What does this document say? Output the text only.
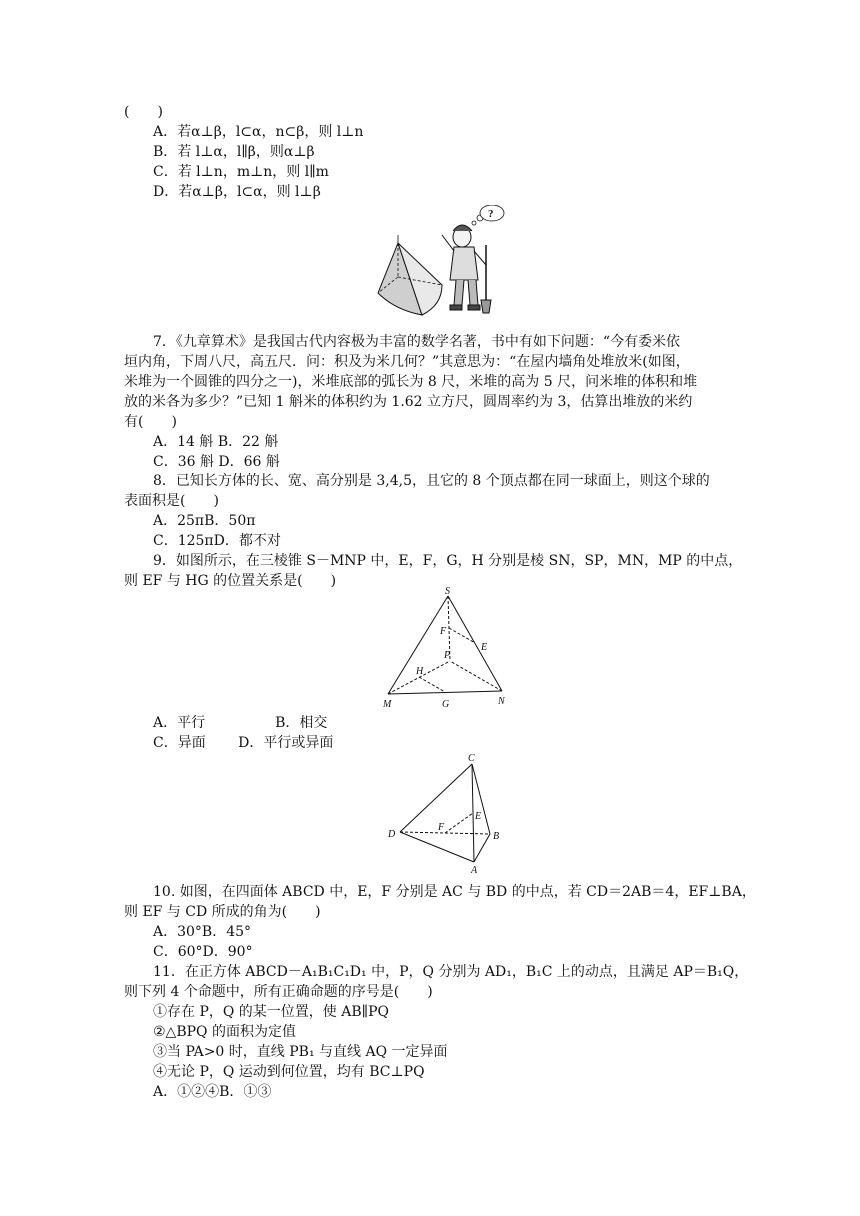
(　　)
A．若α⊥β，l⊂α，n⊂β，则 l⊥n
B．若 l⊥α，l∥β，则α⊥β
C．若 l⊥n，m⊥n，则 l∥m
D．若α⊥β，l⊂α，则 l⊥β
?
7．《九章算术》是我国古代内容极为丰富的数学名著，书中有如下问题：“今有委米依
垣内角，下周八尺，高五尺．问：积及为米几何？”其意思为：“在屋内墙角处堆放米(如图，
米堆为一个圆锥的四分之一)，米堆底部的弧长为 8 尺，米堆的高为 5 尺，问米堆的体积和堆
放的米各为多少？”已知 1 斛米的体积约为 1.62 立方尺，圆周率约为 3，估算出堆放的米约
有(　　)
A．14 斛 B．22 斛
C．36 斛 D．66 斛
8．已知长方体的长、宽、高分别是 3,4,5，且它的 8 个顶点都在同一球面上，则这个球的
表面积是(　　)
A．25πB．50π
C．125πD．都不对
9．如图所示，在三棱锥 S－MNP 中，E，F，G，H 分别是棱 SN，SP，MN，MP 的中点，
则 EF 与 HG 的位置关系是(　　)
S
F
E
P
H
M	G	N
A．平行　　　　　B．相交
C．异面　　 D．平行或异面
C
E
F
D	B
A
10. 如图，在四面体 ABCD 中，E，F 分别是 AC 与 BD 的中点，若 CD＝2AB＝4，EF⊥BA，
则 EF 与 CD 所成的角为(　　)
A．30°B．45°
C．60°D．90°
11．在正方体 ABCD－A₁B₁C₁D₁ 中，P，Q 分别为 AD₁，B₁C 上的动点，且满足 AP＝B₁Q，
则下列 4 个命题中，所有正确命题的序号是(　　)
①存在 P，Q 的某一位置，使 AB∥PQ
②△BPQ 的面积为定值
③当 PA>0 时，直线 PB₁ 与直线 AQ 一定异面
④无论 P，Q 运动到何位置，均有 BC⊥PQ
A．①②④B．①③
